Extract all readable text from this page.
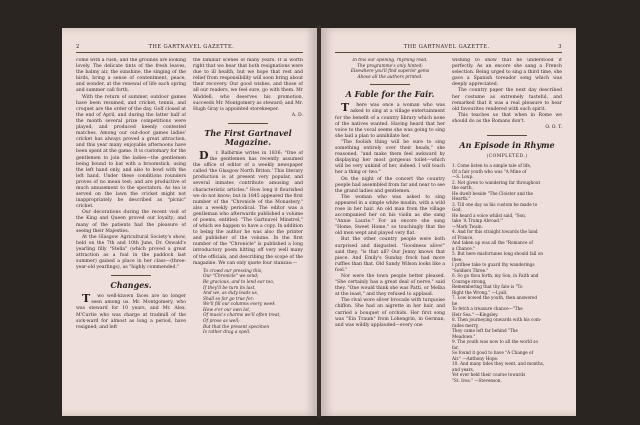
2	THE GARTNAVEL GAZETTE.

come with a rush, and the grounds are looking lovely. The delicate tints of the fresh leaves, the balmy air, the sunshine, the singing of the birds, bring a sense of contentment, peace, and wonder, at the renewal of life each spring and summer call forth.

With the return of summer, outdoor games have been resumed, and cricket, tennis, and croquet are the order of the day. Golf closed at the end of April, and during the latter half of the month several prize competitions were played, and produced keenly contested matches. Among our out-door games ladies' cricket has always proved a great attraction, and this year many enjoyable afternoons have been spent at the game. It is customary for the gentlemen to join the ladies—the gentlemen being bound to bat with a broomstick, using the left hand only, and also to bowl with the left hand. Under these conditions rounders proves of no mean test; and are productive of much amusement to the spectators. As tea is served on the lawn the cricket might not inappropriately be described as "picnic" cricket.

Our decorations during the recent visit of the King and Queen proved our loyalty; and many of the patients had the pleasure of seeing their Majesties.

At the Glasgow Agricultural Society's show, held on the 7th and 10th June, Dr. Oswald's yearling filly "Stella" (which proved a great attraction as a foal in the paddock last summer) gained a place in her class—(three-year-old yearlings), as "highly commended."

Changes.

Two well-known faces are no longer seen among us. Mr. Montgomery, who was steward for 10 years, and Mr. Alex. M'Curtie who was charge at tradmill of the sick-ward for almost as long a period, have resigned; and left

the familiar scenes of many years. It is worth right that we hear that both resignations were due to ill health, but we hope that rest and relief from responsibility will soon bring about their recovery. Our good wishes, and those of all our readers, we feel sure, go with them. Mr Waddell, who deserves his promotion, succeeds Mr. Montgomery as steward; and Mr. Hugh Gray is appointed storekeeper.

A. D.
The First Gartnavel Magazine.

Dr. Balbirnie writes in 1836: "One of the gentlemen has recently assumed the office of editor of a weekly newspaper called 'the Glasgow North Briton.' This literary production is at present very popular, and several inmates contribute amusing and characteristic articles." How long it flourished we do not know; but in 1845 appeared the first number of the "Chronicle of the Monastery," also a weekly periodical. The editor was a gentleman who afterwards published a volume of poems, entitled: "The Gartnavel Minstrel," of which we happen to have a copy. In addition to being the author he was also the printer and publisher of the volume. In the first number of the "Chronicle" is published a long introductory poem hitting off very well many of the officials, and describing the scope of the magazine. We can only quote four stanzas:—

To crowd our pressing this,
Our "Chronicle" we send;
Be gracious, and to lend ear too,
If they'll be turn its last,
And we, as duty leads us,
Shall so far go true for:
We'll fill our columns every week
How e'er our own lot,
Of music's charms we'll often treat,
Of prose as well;
But that the present specimen
Is rather drag a spell.
THE GARTNAVEL GAZETTE.	3
In this our opening, rhyming read,
The programme's only hinted;
Elsewhere you'll find superior gems
Above all the authors printed.
A Fable for the Fair.

There was once a woman who was asked to sing at a village entertainment for the benefit of a country library which none of the natives wanted. Having heard that her voice to the vocal seems she was going to sing she laid a plan to annihilate her.

"The foolish thing will be sure to sing something entirely over their heads," she reasoned, "and make them feel awkward by displaying her most gorgeous toilet—which will be very unkind of her, indeed. I will teach her a thing or two."

On the night of the concert the country people had assembled from far and near to see the grand ladies and gentlemen.

The woman who was asked to sing appeared in a simple white muslin, with a wild rose in her hair. An old man from the village accompanied her on his violin as she sang "Annie Laurie." For an encore she sang "Home, Sweet Home," so touchingly that the old men wept and played very flat.

But the other country people were both surprised and disgusted. "Goodness alive!" said they, "is that all? Our Jenny knows that piece. And Emily's Sunday frock had more ruffles than that. Old Sandy Wilson looks like a fool."

Nor were the town people better pleased. "She certainly has a great deal of nerve," said they. "One would think she was Patti, or Melba at the least," and they refused to applaud.

The rival wore silver brocade with turquoise chiffon. She had an aigrette in her hair, and carried a bouquet of orchids. Her first song was "Ein Traum" from Lohengrin, in German, and was wildly applauded—every one

wishing to show that he understood it perfectly. As an encore she sang a French selection. Being urged to sing a third time, she gave a Spanish toreador song which was deeply appreciated.

The country paper the next day described her costume as extremely tasteful, and remarked that it was a real pleasure to hear old favourites rendered with such spirit.

This teaches us that when in Rome we should do as the Romans don't.

O. O. T.
An Episode in Rhyme
(COMPLETED.)
1. Come listen to a simple tale of life,
Of a fair youth who was "A Mine of
—S. Loup.
2. Not given to wandering far throughout
the earth,
He dwelt beside "The Cloister and the
Hearth."
3. Till one day as his custom he made to
God,
He heard a voice whilst said, "Son,
take 'A Trump Abroad.'"
—Mark Twain.
4. And for this straight towards the land
of France,
And taken up was all the "Romance of
a Chance."
5. But here misfortunes long should fall on
thee,
I prithee take to guard thy wanderings
"Soldiers Three."
6. So go thou forth, my Son, in Faith and
Courage strong,
Remembering that thy fate is "To
Right the Wrong." —Lyall.
7. Low bowed the youth, then answered
he
To fetch a treasure chance—"The
Heir Sea." —Kingsley.
8. Then journeying onwards with his com-
rades merry,
They came left far behind "The
Meadows."
9. The youth was now to all the world so
far,
So found it good to have "A Change of
Air." —Anthony Hope.
10. And many tides they went, and months,
and years,
Yet ever held their course towards
"St. Ives." —Stevenson.
